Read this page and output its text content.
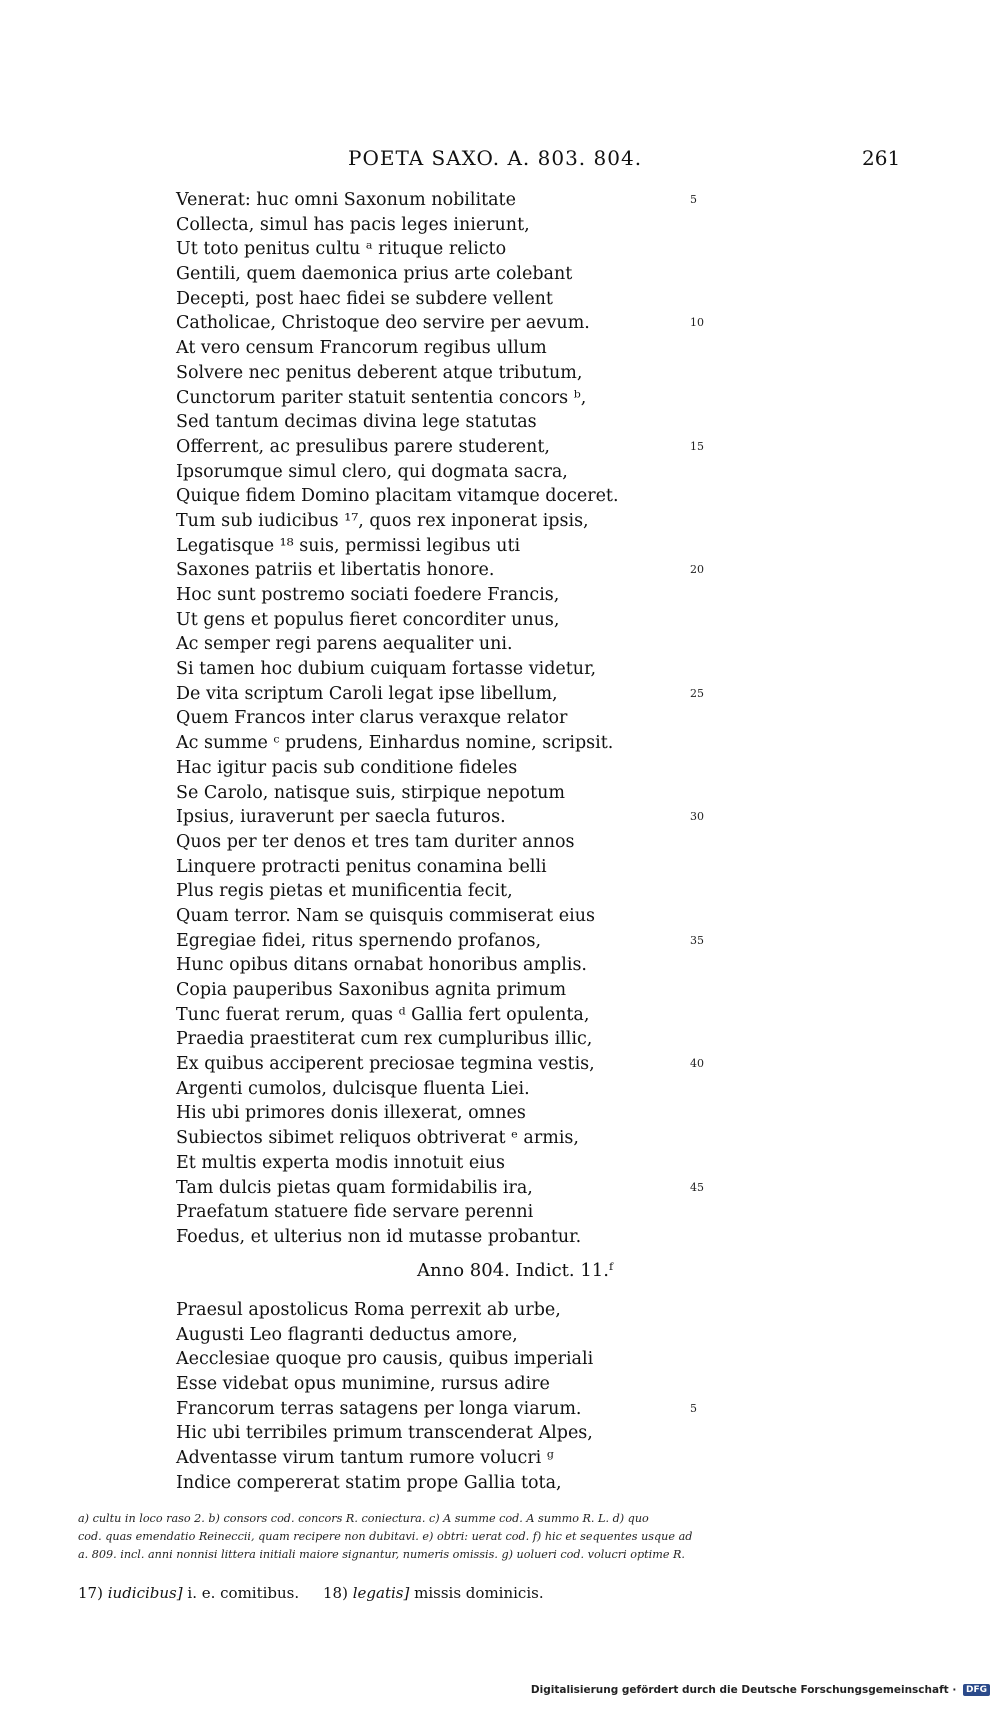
POETA SAXO. A. 803. 804.	261
Venerat: huc omni Saxonum nobilitate	5
Collecta, simul has pacis leges inierunt,
Ut toto penitus cultu ᵃ rituque relicto
Gentili, quem daemonica prius arte colebant
Decepti, post haec fidei se subdere vellent
Catholicae, Christoque deo servire per aevum.	10
At vero censum Francorum regibus ullum
Solvere nec penitus deberent atque tributum,
Cunctorum pariter statuit sententia concors ᵇ,
Sed tantum decimas divina lege statutas
Offerrent, ac presulibus parere studerent,	15
Ipsorumque simul clero, qui dogmata sacra,
Quique fidem Domino placitam vitamque doceret.
Tum sub iudicibus ¹⁷, quos rex inponerat ipsis,
Legatisque ¹⁸ suis, permissi legibus uti
Saxones patriis et libertatis honore.	20
Hoc sunt postremo sociati foedere Francis,
Ut gens et populus fieret concorditer unus,
Ac semper regi parens aequaliter uni.
Si tamen hoc dubium cuiquam fortasse videtur,
De vita scriptum Caroli legat ipse libellum,	25
Quem Francos inter clarus veraxque relator
Ac summe ᶜ prudens, Einhardus nomine, scripsit.
Hac igitur pacis sub conditione fideles
Se Carolo, natisque suis, stirpique nepotum
Ipsius, iuraverunt per saecla futuros.	30
Quos per ter denos et tres tam duriter annos
Linquere protracti penitus conamina belli
Plus regis pietas et munificentia fecit,
Quam terror. Nam se quisquis commiserat eius
Egregiae fidei, ritus spernendo profanos,	35
Hunc opibus ditans ornabat honoribus amplis.
Copia pauperibus Saxonibus agnita primum
Tunc fuerat rerum, quas ᵈ Gallia fert opulenta,
Praedia praestiterat cum rex cumpluribus illic,
Ex quibus acciperent preciosae tegmina vestis,	40
Argenti cumolos, dulcisque fluenta Liei.
His ubi primores donis illexerat, omnes
Subiectos sibimet reliquos obtriverat ᵉ armis,
Et multis experta modis innotuit eius
Tam dulcis pietas quam formidabilis ira,	45
Praefatum statuere fide servare perenni
Foedus, et ulterius non id mutasse probantur.
Anno 804. Indict. 11.ᶠ
Praesul apostolicus Roma perrexit ab urbe,
Augusti Leo flagranti deductus amore,
Aecclesiae quoque pro causis, quibus imperiali
Esse videbat opus munimine, rursus adire
Francorum terras satagens per longa viarum.	5
Hic ubi terribiles primum transcenderat Alpes,
Adventasse virum tantum rumore volucri ᵍ
Indice compererat statim prope Gallia tota,
a) cultu in loco raso 2. b) consors cod. concors R. coniectura. c) A summe cod. A summo R. L. d) quo
cod. quas emendatio Reineccii, quam recipere non dubitavi. e) obtri: uerat cod. f) hic et sequentes usque ad
a. 809. incl. anni nonnisi littera initiali maiore signantur, numeris omissis. g) uolueri cod. volucri optime R.
17) iudicibus] i. e. comitibus. 18) legatis] missis dominicis.
Digitalisierung gefördert durch die Deutsche Forschungsgemeinschaft · DFG
